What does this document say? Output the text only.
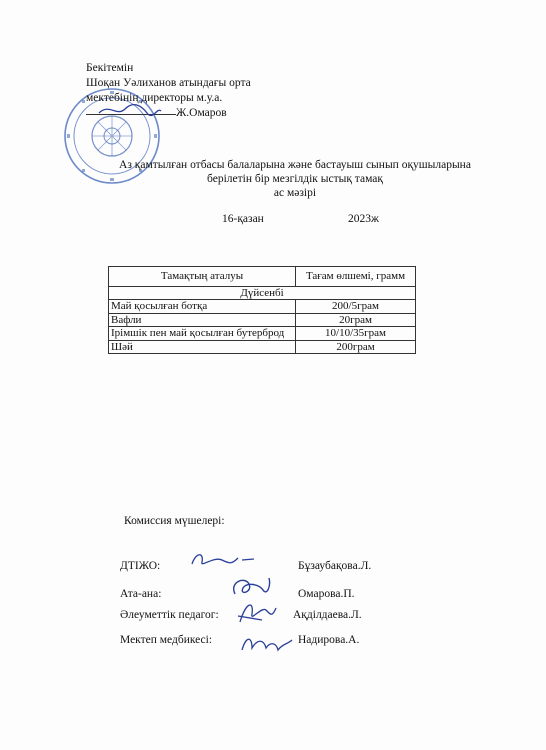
Бекітемін
Шоқан Уәлиханов атындағы орта
мектебінің директоры м.у.а.
Ж.Омаров
Аз қамтылған отбасы балаларына және бастауыш сынып оқушыларына
берілетін бір мезгілдік ыстық тамақ
ас мәзірі
16-қазан	2023ж
Тамақтың аталуы	Тағам өлшемі, грамм
Дүйсенбі	
Май қосылған ботқа	200/5грам
Вафли	20грам
Ірімшік пен май қосылған бутерброд	10/10/35грам
Шәй	200грам
Комиссия мүшелері:
ДТІЖО:	Бұзаубақова.Л.
Ата-ана:	Омарова.П.
Әлеуметтік педагог:	Ақділдаева.Л.
Мектеп медбикесі:	Надирова.А.
